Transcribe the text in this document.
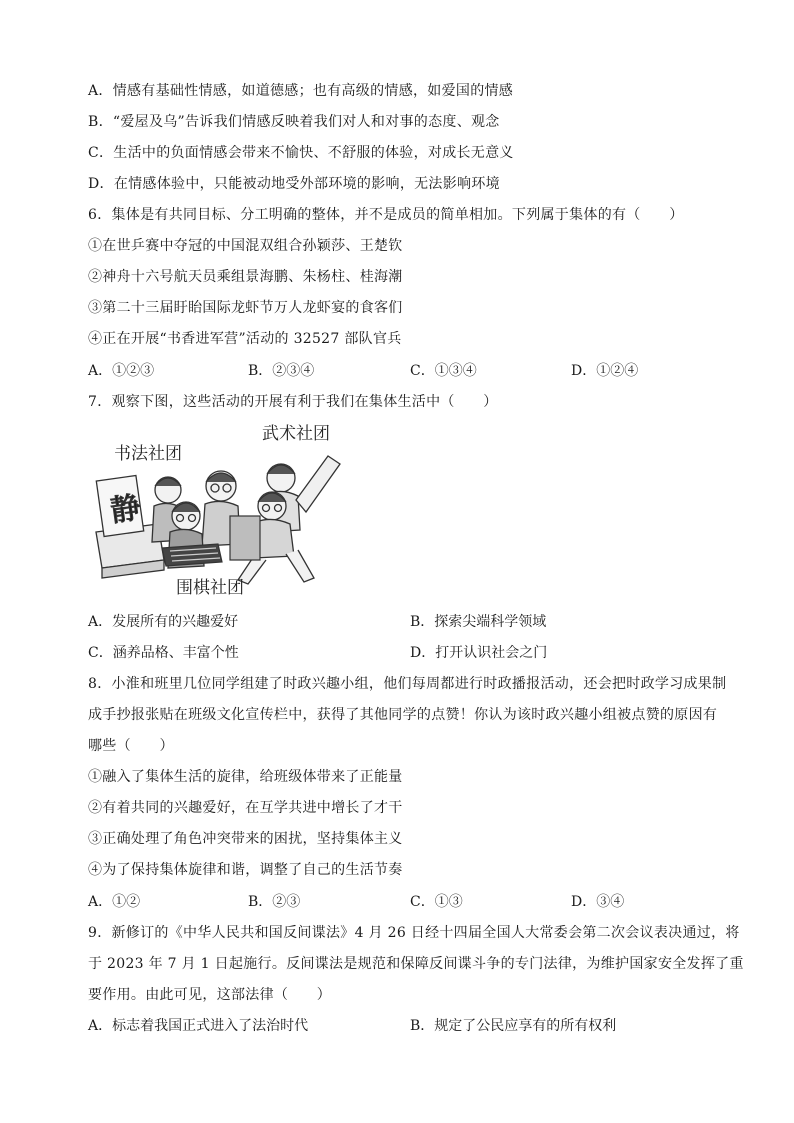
A．情感有基础性情感，如道德感；也有高级的情感，如爱国的情感
B．“爱屋及乌”告诉我们情感反映着我们对人和对事的态度、观念
C．生活中的负面情感会带来不愉快、不舒服的体验，对成长无意义
D．在情感体验中，只能被动地受外部环境的影响，无法影响环境
6．集体是有共同目标、分工明确的整体，并不是成员的简单相加。下列属于集体的有（　　）
①在世乒赛中夺冠的中国混双组合孙颖莎、王楚钦
②神舟十六号航天员乘组景海鹏、朱杨柱、桂海潮
③第二十三届盱眙国际龙虾节万人龙虾宴的食客们
④正在开展“书香进军营”活动的 32527 部队官兵
A．①②③	B．②③④	C．①③④	D．①②④
7．观察下图，这些活动的开展有利于我们在集体生活中（　　）
静
书法社团
武术社团
围棋社团
A．发展所有的兴趣爱好	B．探索尖端科学领域
C．涵养品格、丰富个性	D．打开认识社会之门
8．小淮和班里几位同学组建了时政兴趣小组，他们每周都进行时政播报活动，还会把时政学习成果制
成手抄报张贴在班级文化宣传栏中，获得了其他同学的点赞！你认为该时政兴趣小组被点赞的原因有
哪些（　　）
①融入了集体生活的旋律，给班级体带来了正能量
②有着共同的兴趣爱好，在互学共进中增长了才干
③正确处理了角色冲突带来的困扰，坚持集体主义
④为了保持集体旋律和谐，调整了自己的生活节奏
A．①②	B．②③	C．①③	D．③④
9．新修订的《中华人民共和国反间谍法》4 月 26 日经十四届全国人大常委会第二次会议表决通过，将
于 2023 年 7 月 1 日起施行。反间谍法是规范和保障反间谍斗争的专门法律，为维护国家安全发挥了重
要作用。由此可见，这部法律（　　）
A．标志着我国正式进入了法治时代	B．规定了公民应享有的所有权利
